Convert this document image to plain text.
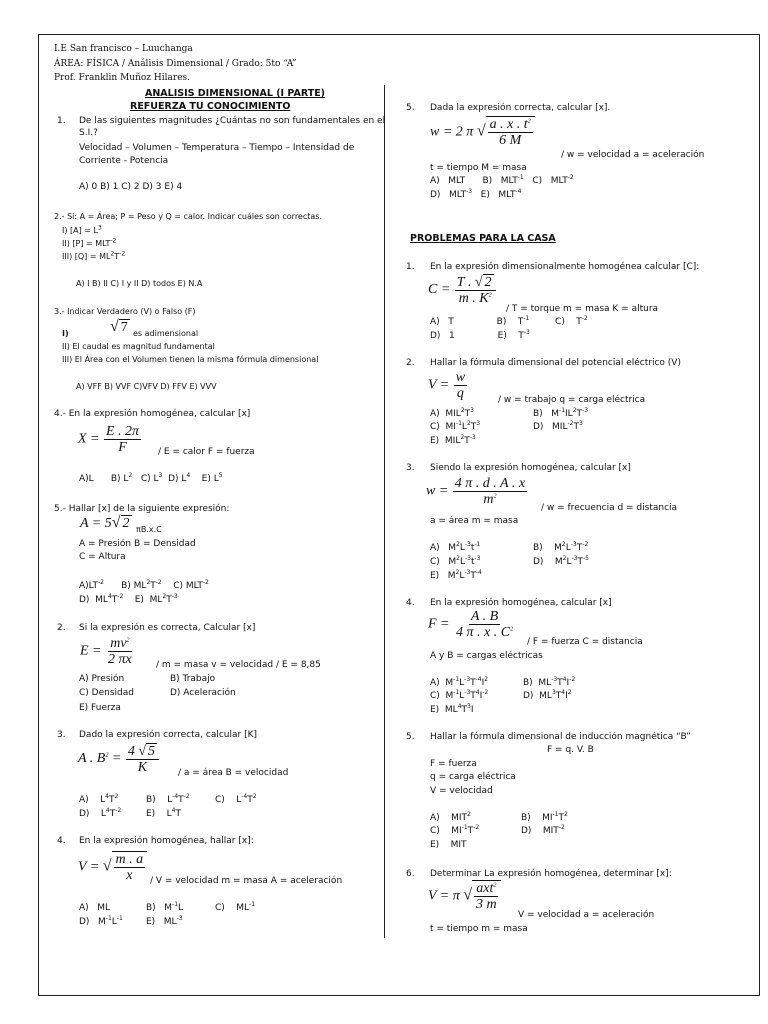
I.E San francisco – Luuchanga
ÁREA: FÍSICA / Análisis Dimensional / Grado: 5to “A”
Prof. Franklin Muñoz Hilares.
ANALISIS DIMENSIONAL (I PARTE)
REFUERZA TU CONOCIMIENTO
1. De las siguientes magnitudes ¿Cuántas no son fundamentales en el
S.I.?
Velocidad – Volumen – Temperatura – Tiempo – Intensidad de
Corriente - Potencia
A) 0 B) 1 C) 2 D) 3 E) 4
2.- Si: A = Área; P = Peso y Q = calor. Indicar cuáles son correctas.
I) $[A] = L^3$
II) $[P] = MLT^{-2}$
III) $[Q] = ML^2T^{-2}$
A) I B) II C) I y II D) todos E) N.A
3.- Indicar Verdadero (V) o Falso (F)
I)	√ 7 es adimensional
II) El caudal es magnitud fundamental
III) El Área con el Volumen tienen la misma fórmula dimensional
A) VFF B) VVF C)VFV D) FFV E) VVV
4.- En la expresión homogénea, calcular [x]
$X = \frac{E . 2\pi}{F} / E$ = calor F = fuerza
A)L      B) $L^2$   C) $L^3$  D) $L^4$    E) $L^5$
5.- Hallar [x] de la siguiente expresión:
A = 5√ 2 πB.x.C
A = Presión B = Densidad
C = Altura
$A)LT^{-2}$      B) $ML^2T^{-2}$    C) $MLT^{-2}$
D)  $ML^4T^{-2}$    E)  $ML^2T^{-3}$
2. Si la expresión es correcta, Calcular [x]
$E = \frac{mv^2}{2 \pi x} / m$ = masa v = velocidad / E = 8,85
A) Presión	B) Trabajo
C) Densidad	D) Aceleración
E) Fuerza
3. Dado la expresión correcta, calcular [K]
A . $B^2 = \frac{4 √ 5}{K} / a$ = área B = velocidad
A)    $L^4T^2$	B)    $L^{-4}T^{-2}$	C)    $L^{-4}T^2$
D)    $L^4T^{-2}$	E)    $L^4T$
4. En la expresión homogénea, hallar [x]:
V = √ $\frac{m . a}{x}$ / V = velocidad m = masa A = aceleración
A)   ML	B)   $M^{-1}L$	C)    $ML^{-1}$
D)   $M^{-1}L^{-1}$	E)   $ML^{-3}$
5. Dada la expresión correcta, calcular [x].
w = 2 π √ $\frac{a . x . t^2}{6 M}$
/ w = velocidad a = aceleración
t = tiempo M = masa
A)   MLT      B)   $MLT^{-1}$   C)   $MLT^{-2}$
D)   $MLT^{-3}$   E)   $MLT^{-4}$
PROBLEMAS PARA LA CASA
1. En la expresión dimensionalmente homogénea calcular [C]:
$C = \frac{T . √ 2}{m . K^2}$
/ T = torque m = masa K = altura
A)   T               B)    $T^{-1}$         C)    $T^{-2}$
D)   1               E)    $T^{-3}$
2. Hallar la fórmula dimensional del potencial eléctrico (V)
$V = \frac{w}{q}$	/ w = trabajo q = carga eléctrica
A)  $MIL^2T^3$	B)   $M^{-1}IL^2T^{-3}$
C)  $MI^{-1}L^2T^3$	D)   $MIL^{-2}T^3$
E)  $MIL^2T^{-3}$
3. Siendo la expresión homogénea, calcular [x]
$w = \frac{4 \pi . d . A . x}{m^2}$
/ w = frecuencia d = distancia
a = área m = masa
A)   $M^2L^{-3}t^{-1}$	B)    $M^2L^{-3}T^{-2}$
C)   $M^2L^{-3}t^{-3}$	D)    $M^2L^{-3}T^{-5}$
E)   $M^2L^{-3}T^{-4}$
4. En la expresión homogénea, calcular [x]
$F = \frac{A . B}{4 \pi . x . C^2}$
/ F = fuerza C = distancia
A y B = cargas eléctricas
A)  $M^{-1}L^{-3}T^{-4}I^2$	B)  $ML^{-3}T^4I^{-2}$
C)  $M^{-1}L^{-3}T^4I^{-2}$	D)  $ML^3T^4I^2$
E)  $ML^4T^3I$
5. Hallar la fórmula dimensional de inducción magnética “B”
F = q. V. B
F = fuerza
q = carga eléctrica
V = velocidad
A)    MIT$^2$	B)    $MI^{-1}T^2$
C)    $MI^{-1}T^{-2}$	D)    $MIT^{-2}$
E)    MIT
6. Determinar La expresión homogénea, determinar [x]:
V = π √ $\frac{axt^2}{3 m}$
V = velocidad a = aceleración
t = tiempo m = masa
